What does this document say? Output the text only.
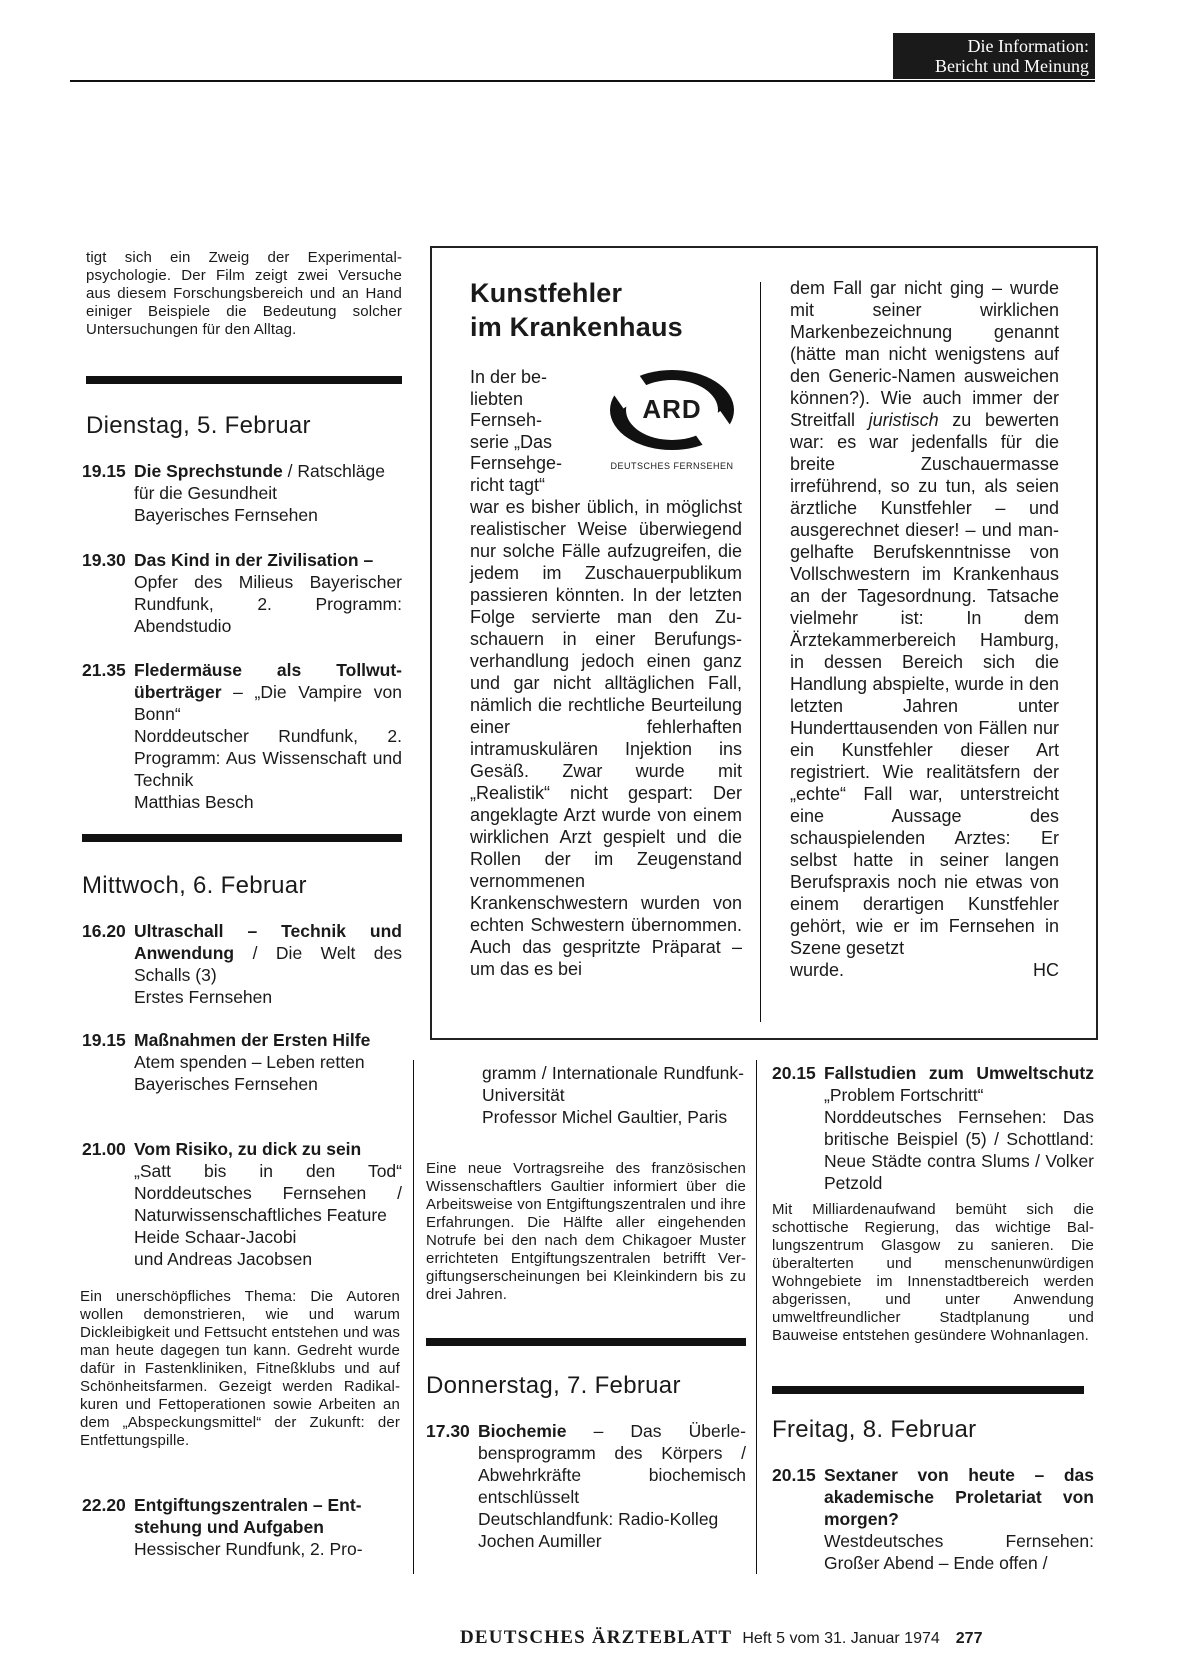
Die Information:
Bericht und Meinung
tigt sich ein Zweig der Experimentalpsychologie. Der Film zeigt zwei Versuche aus diesem Forschungsbereich und an Hand einiger Beispiele die Bedeutung solcher Untersuchungen für den Alltag.
Dienstag, 5. Februar
19.15 Die Sprechstunde / Ratschläge für die Gesundheit
Bayerisches Fernsehen
19.30 Das Kind in der Zivilisation –
Opfer des Milieus Bayerischer Rundfunk, 2. Programm: Abendstudio
21.35 Fledermäuse als Tollwutüberträger – „Die Vampire von Bonn“
Norddeutscher Rundfunk, 2. Programm: Aus Wissenschaft und Technik
Matthias Besch
Mittwoch, 6. Februar
16.20 Ultraschall – Technik und Anwendung / Die Welt des Schalls (3)
Erstes Fernsehen
19.15 Maßnahmen der Ersten Hilfe
Atem spenden – Leben retten
Bayerisches Fernsehen
21.00 Vom Risiko, zu dick zu sein
„Satt bis in den Tod“ Norddeutsches Fernsehen / Naturwissenschaftliches Feature
Heide Schaar-Jacobi
und Andreas Jacobsen
Ein unerschöpfliches Thema: Die Autoren wollen demonstrieren, wie und warum Dickleibigkeit und Fettsucht entstehen und was man heute dagegen tun kann. Gedreht wurde dafür in Fastenkliniken, Fitneßklubs und auf Schönheitsfarmen. Gezeigt werden Radikalkuren und Fettoperationen sowie Arbeiten an dem „Abspeckungsmittel“ der Zukunft: der Entfettungspille.
22.20 Entgiftungszentralen – Entstehung und Aufgaben
Hessischer Rundfunk, 2. Pro-
Kunstfehler
im Krankenhaus
In der be-
liebten
Fernseh-
serie „Das
Fernsehge-
richt tagt“
ARD
DEUTSCHES FERNSEHEN
war es bisher üblich, in möglichst realistischer Weise überwiegend nur solche Fälle aufzugreifen, die jedem im Zuschauerpublikum passieren könnten. In der letzten Folge servierte man den Zuschauern in einer Berufungsverhandlung jedoch einen ganz und gar nicht alltäglichen Fall, nämlich die rechtliche Beurteilung einer fehlerhaften intramuskulären Injektion ins Gesäß. Zwar wurde mit „Realistik“ nicht gespart: Der angeklagte Arzt wurde von einem wirklichen Arzt gespielt und die Rollen der im Zeugenstand vernommenen Krankenschwestern wurden von echten Schwestern übernommen. Auch das gespritzte Präparat – um das es bei
dem Fall gar nicht ging – wurde mit seiner wirklichen Markenbezeichnung genannt (hätte man nicht wenigstens auf den Generic-Namen ausweichen können?). Wie auch immer der Streitfall juristisch zu bewerten war: es war jedenfalls für die breite Zuschauermasse irreführend, so zu tun, als seien ärztliche Kunstfehler – und ausgerechnet dieser! – und mangelhafte Berufskenntnisse von Vollschwestern im Krankenhaus an der Tagesordnung. Tatsache vielmehr ist: In dem Ärztekammerbereich Hamburg, in dessen Bereich sich die Handlung abspielte, wurde in den letzten Jahren unter Hunderttausenden von Fällen nur ein Kunstfehler dieser Art registriert. Wie realitätsfern der „echte“ Fall war, unterstreicht eine Aussage des schauspielenden Arztes: Er selbst hatte in seiner langen Berufspraxis noch nie etwas von einem derartigen Kunstfehler gehört, wie er im Fernsehen in Szene gesetzt
wurde.	HC
gramm / Internationale Rundfunk-Universität
Professor Michel Gaultier, Paris
Eine neue Vortragsreihe des französischen Wissenschaftlers Gaultier informiert über die Arbeitsweise von Entgiftungszentralen und ihre Erfahrungen. Die Hälfte aller eingehenden Notrufe bei den nach dem Chikagoer Muster errichteten Entgiftungszentralen betrifft Vergiftungserscheinungen bei Kleinkindern bis zu drei Jahren.
Donnerstag, 7. Februar
17.30 Biochemie – Das Überlebensprogramm des Körpers / Abwehrkräfte biochemisch entschlüsselt
Deutschlandfunk: Radio-Kolleg
Jochen Aumiller
20.15 Fallstudien zum Umweltschutz „Problem Fortschritt“
Norddeutsches Fernsehen: Das britische Beispiel (5) / Schottland: Neue Städte contra Slums / Volker Petzold
Mit Milliardenaufwand bemüht sich die schottische Regierung, das wichtige Ballungszentrum Glasgow zu sanieren. Die überalterten und menschenunwürdigen Wohngebiete im Innenstadtbereich werden abgerissen, und unter Anwendung umweltfreundlicher Stadtplanung und Bauweise entstehen gesündere Wohnanlagen.
Freitag, 8. Februar
20.15 Sextaner von heute – das akademische Proletariat von morgen?
Westdeutsches Fernsehen: Großer Abend – Ende offen /
DEUTSCHES ÄRZTEBLATT Heft 5 vom 31. Januar 1974 277
